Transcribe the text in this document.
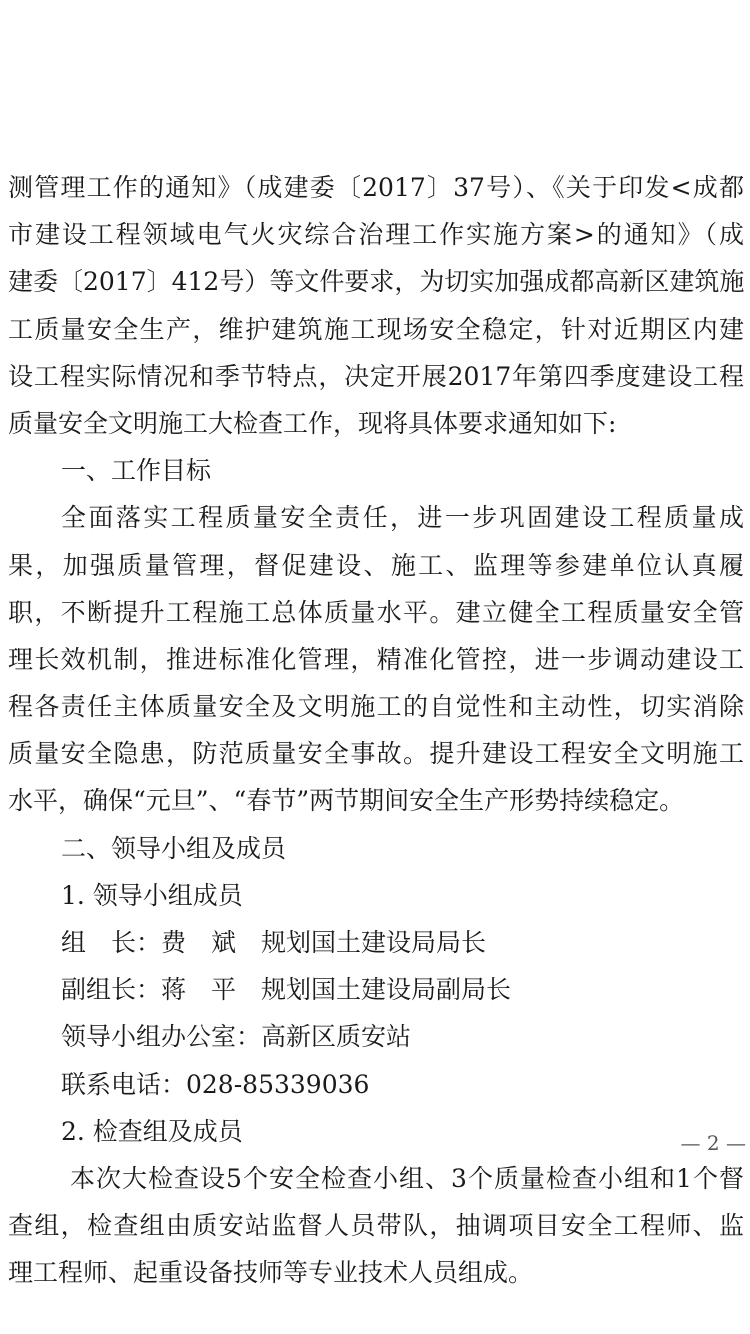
测管理工作的通知》（成建委〔2017〕37号）、《关于印发<成都
市建设工程领域电气火灾综合治理工作实施方案>的通知》（成
建委〔2017〕412号）等文件要求，为切实加强成都高新区建筑施
工质量安全生产，维护建筑施工现场安全稳定，针对近期区内建
设工程实际情况和季节特点，决定开展2017年第四季度建设工程
质量安全文明施工大检查工作，现将具体要求通知如下:
一、工作目标
全面落实工程质量安全责任，进一步巩固建设工程质量成
果，加强质量管理，督促建设、施工、监理等参建单位认真履
职，不断提升工程施工总体质量水平。建立健全工程质量安全管
理长效机制，推进标准化管理，精准化管控，进一步调动建设工
程各责任主体质量安全及文明施工的自觉性和主动性，切实消除
质量安全隐患，防范质量安全事故。提升建设工程安全文明施工
水平，确保“元旦”、“春节”两节期间安全生产形势持续稳定。
二、领导小组及成员
1. 领导小组成员
组　长：费　斌　规划国土建设局局长
副组长：蒋　平　规划国土建设局副局长
领导小组办公室：高新区质安站
联系电话：028-85339036
2. 检查组及成员
本次大检查设5个安全检查小组、3个质量检查小组和1个督
查组，检查组由质安站监督人员带队，抽调项目安全工程师、监
理工程师、起重设备技师等专业技术人员组成。
— 2 —
